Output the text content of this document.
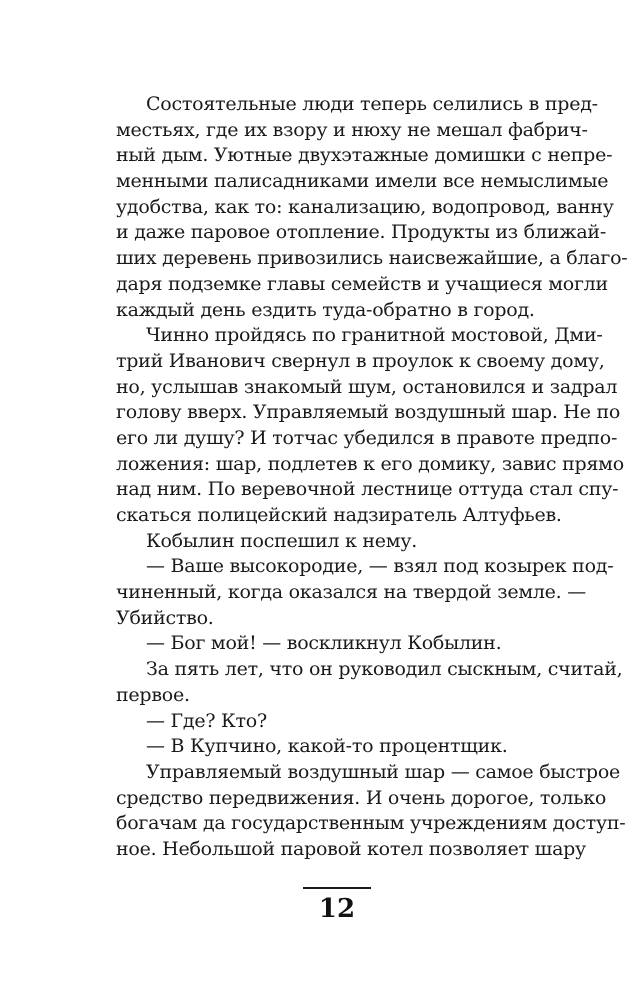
Состоятельные люди теперь селились в пред-
местьях, где их взору и нюху не мешал фабрич-
ный дым. Уютные двухэтажные домишки с непре-
менными палисадниками имели все немыслимые
удобства, как то: канализацию, водопровод, ванну
и даже паровое отопление. Продукты из ближай-
ших деревень привозились наисвежайшие, а благо-
даря подземке главы семейств и учащиеся могли
каждый день ездить туда-обратно в город.
Чинно пройдясь по гранитной мостовой, Дми-
трий Иванович свернул в проулок к своему дому,
но, услышав знакомый шум, остановился и задрал
голову вверх. Управляемый воздушный шар. Не по
его ли душу? И тотчас убедился в правоте предпо-
ложения: шар, подлетев к его домику, завис прямо
над ним. По веревочной лестнице оттуда стал спу-
скаться полицейский надзиратель Алтуфьев.
Кобылин поспешил к нему.
— Ваше высокородие, — взял под козырек под-
чиненный, когда оказался на твердой земле. —
Убийство.
— Бог мой! — воскликнул Кобылин.
За пять лет, что он руководил сыскным, считай,
первое.
— Где? Кто?
— В Купчино, какой-то процентщик.
Управляемый воздушный шар — самое быстрое
средство передвижения. И очень дорогое, только
богачам да государственным учреждениям доступ-
ное. Небольшой паровой котел позволяет шару
12
